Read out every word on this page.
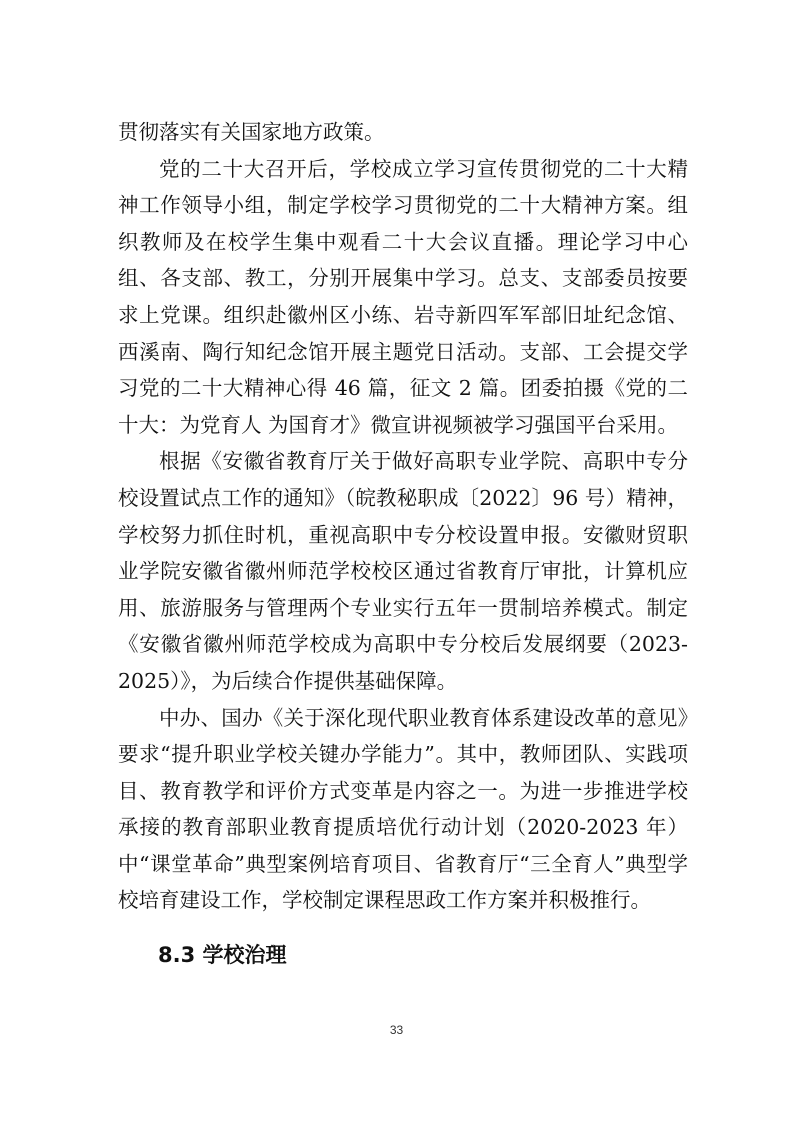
贯彻落实有关国家地方政策。

党的二十大召开后，学校成立学习宣传贯彻党的二十大精神工作领导小组，制定学校学习贯彻党的二十大精神方案。组织教师及在校学生集中观看二十大会议直播。理论学习中心组、各支部、教工，分别开展集中学习。总支、支部委员按要求上党课。组织赴徽州区小练、岩寺新四军军部旧址纪念馆、西溪南、陶行知纪念馆开展主题党日活动。支部、工会提交学习党的二十大精神心得 46 篇，征文 2 篇。团委拍摄《党的二十大：为党育人 为国育才》微宣讲视频被学习强国平台采用。

根据《安徽省教育厅关于做好高职专业学院、高职中专分校设置试点工作的通知》（皖教秘职成〔2022〕96 号）精神，学校努力抓住时机，重视高职中专分校设置申报。安徽财贸职业学院安徽省徽州师范学校校区通过省教育厅审批，计算机应用、旅游服务与管理两个专业实行五年一贯制培养模式。制定《安徽省徽州师范学校成为高职中专分校后发展纲要（2023-2025）》，为后续合作提供基础保障。

中办、国办《关于深化现代职业教育体系建设改革的意见》要求“提升职业学校关键办学能力”。其中，教师团队、实践项目、教育教学和评价方式变革是内容之一。为进一步推进学校承接的教育部职业教育提质培优行动计划（2020-2023 年）中“课堂革命”典型案例培育项目、省教育厅“三全育人”典型学校培育建设工作，学校制定课程思政工作方案并积极推行。

8.3 学校治理
33
